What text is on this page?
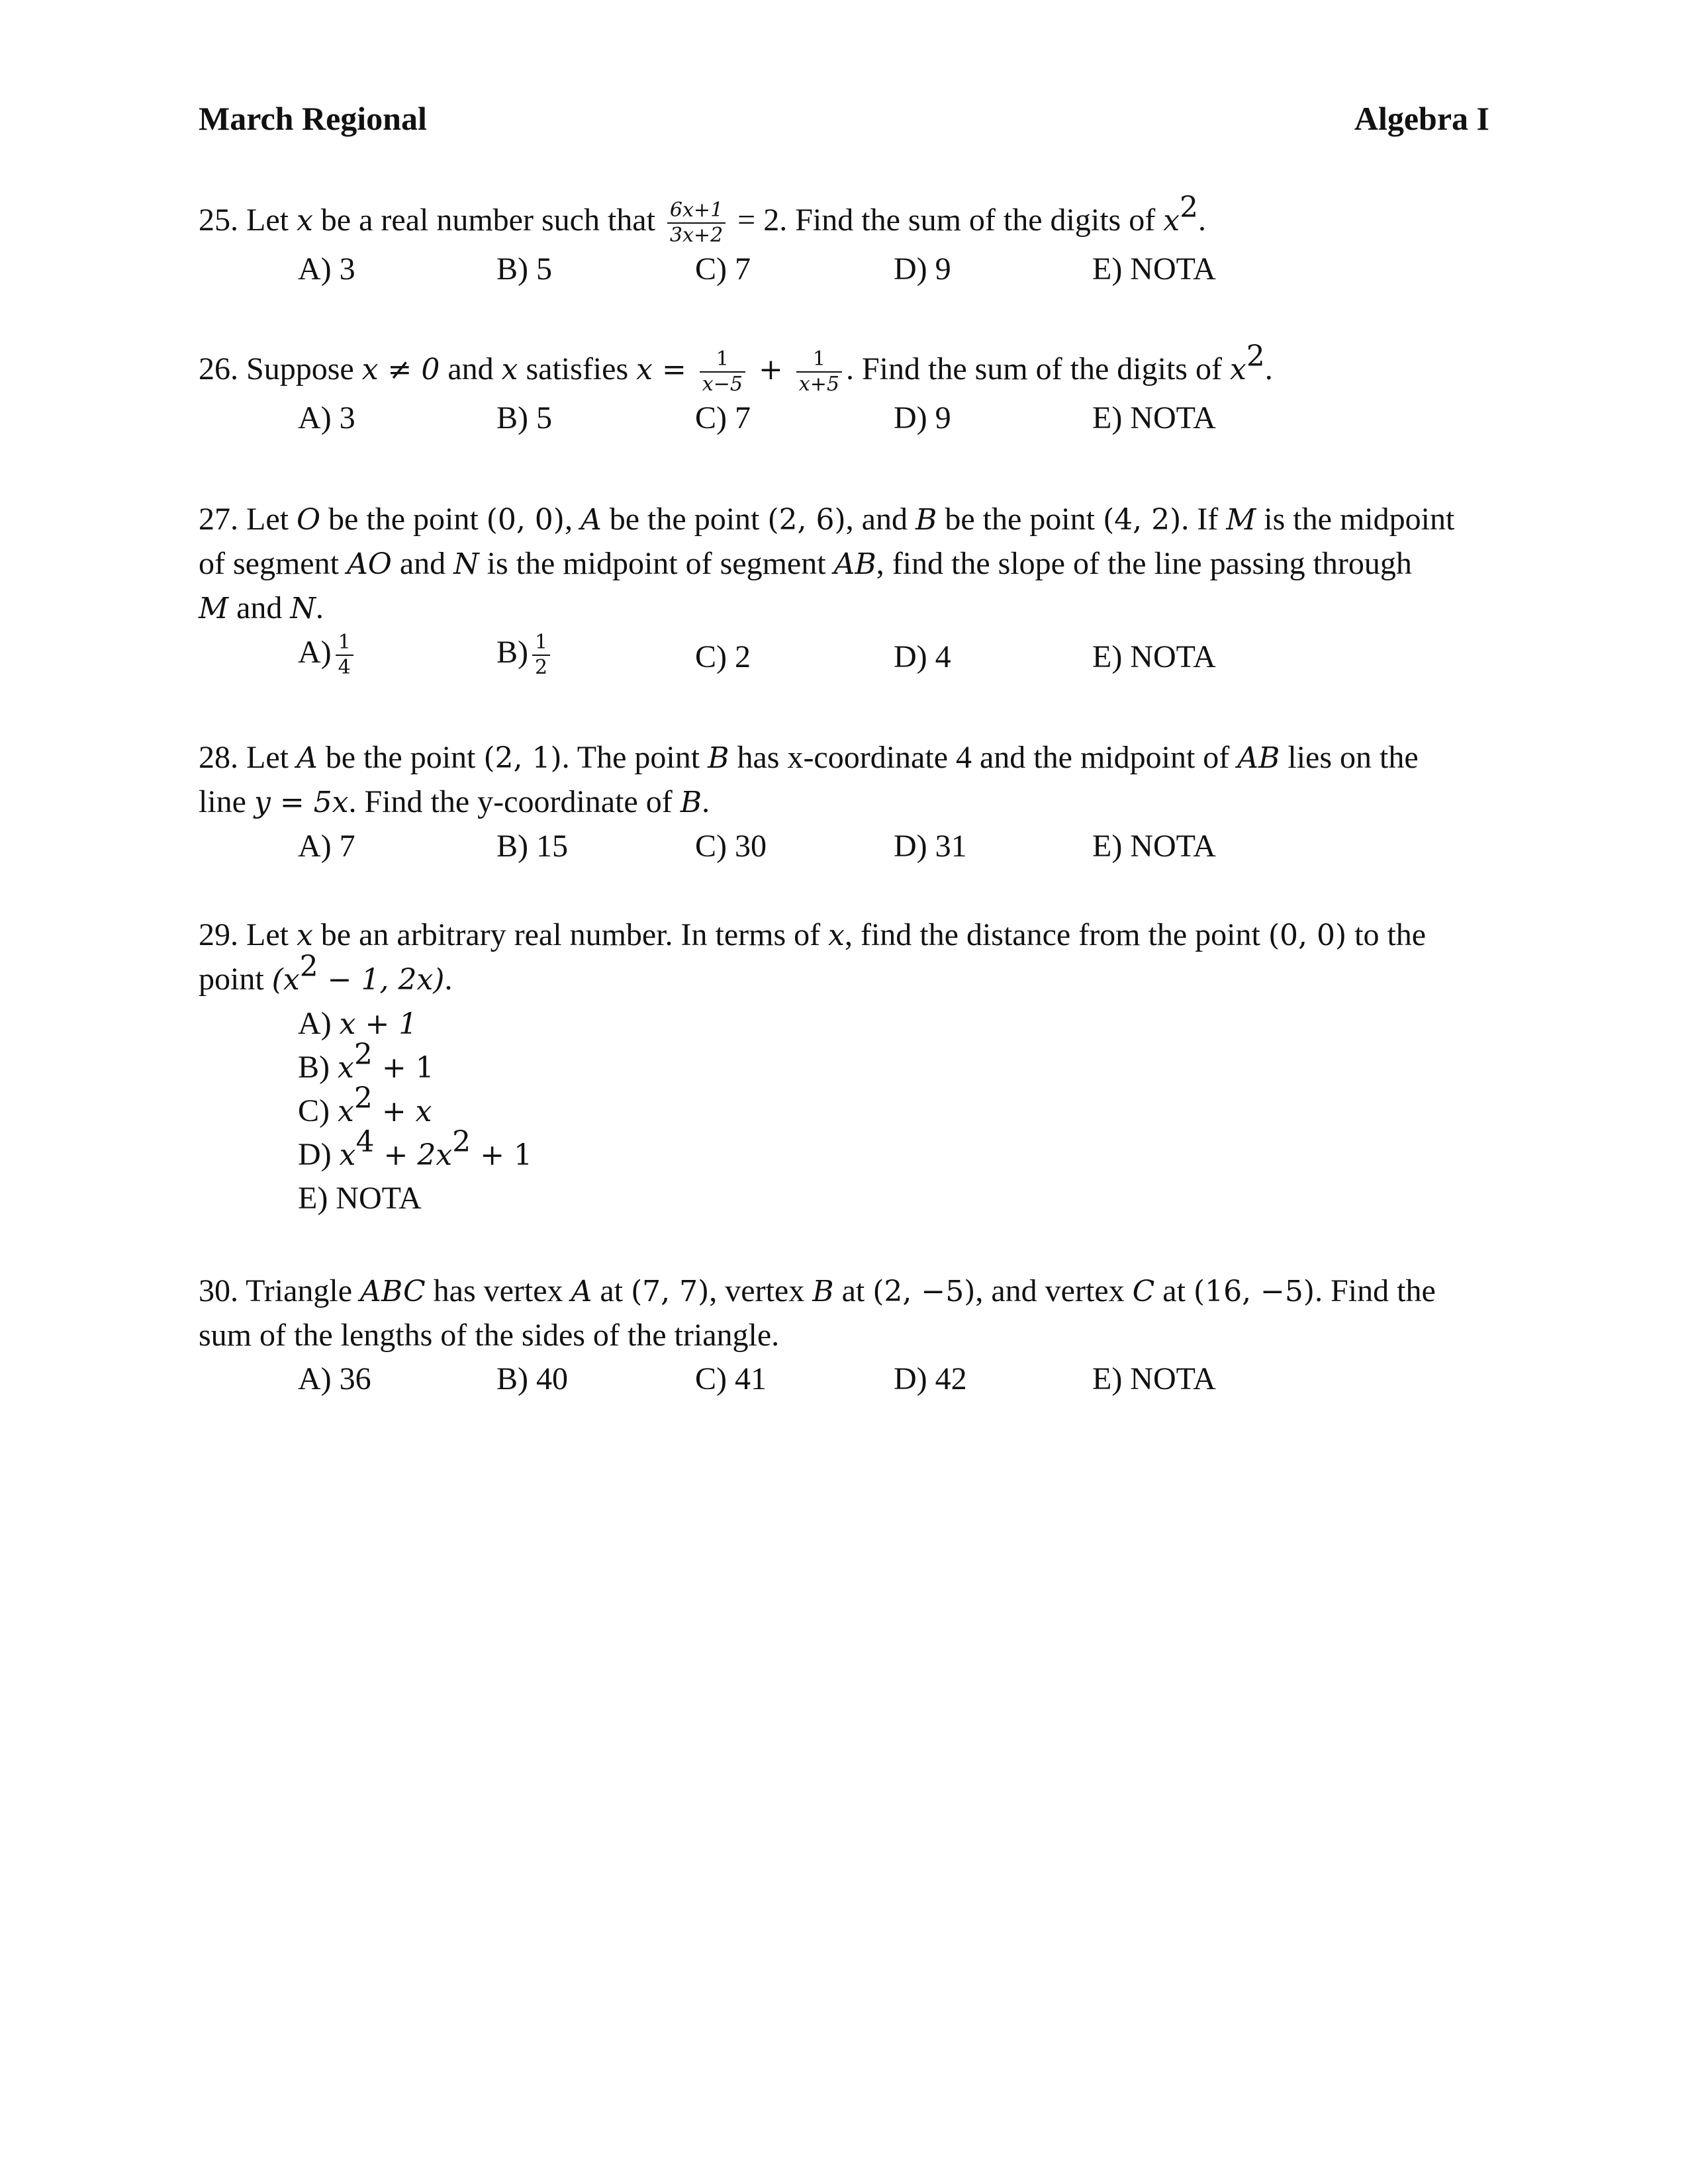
March Regional	Algebra I
25. Let x be a real number such that $\frac{6x+1}{3x+2} = 2$. Find the sum of the digits of $x^2$.
A) 3	B) 5	C) 7	D) 9	E) NOTA
26. Suppose x ≠ 0 and x satisfies $x = \frac{1}{x-5} + \frac{1}{x+5}$ . Find the sum of the digits of $x^2$.
A) 3	B) 5	C) 7	D) 9	E) NOTA
27. Let O be the point (0, 0), A be the point (2, 6), and B be the point (4, 2). If M is the midpoint
of segment AO and N is the midpoint of segment AB, find the slope of the line passing through
M and N.
$A) \frac{1}{4}$	$B) \frac{1}{2}$	C) 2	D) 4	E) NOTA
28. Let A be the point (2, 1). The point B has x-coordinate 4 and the midpoint of AB lies on the
line y = 5x. Find the y-coordinate of B.
A) 7	B) 15	C) 30	D) 31	E) NOTA
29. Let x be an arbitrary real number. In terms of x, find the distance from the point (0, 0) to the
point ($x^2 - 1$, 2x).
A) x + 1
B) $x^2 + 1$
C) $x^2 + x$
D) $x^4 + 2x^2 + 1$
E) NOTA
30. Triangle ABC has vertex A at (7, 7), vertex B at (2, −5), and vertex C at (16, −5). Find the
sum of the lengths of the sides of the triangle.
A) 36	B) 40	C) 41	D) 42	E) NOTA
